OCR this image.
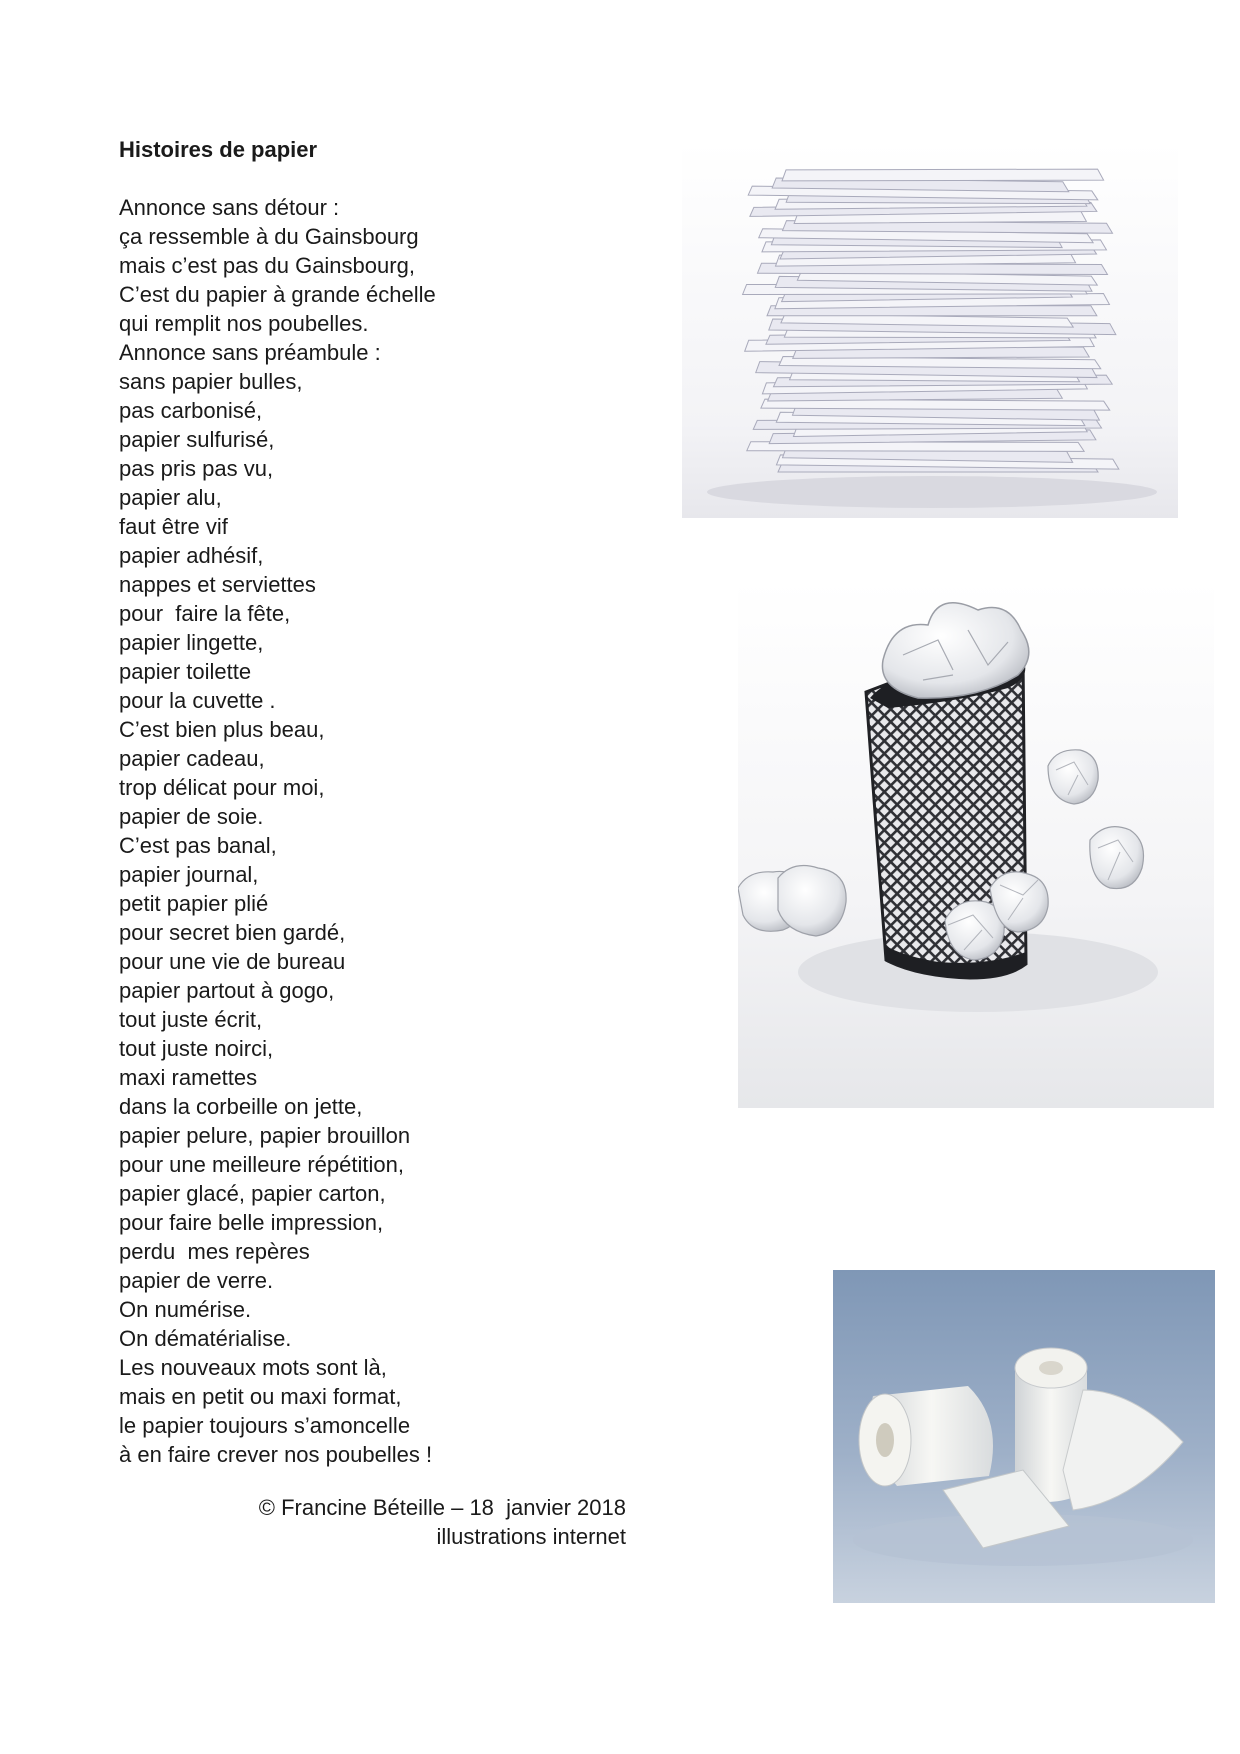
Histoires de papier
Annonce sans détour :
ça ressemble à du Gainsbourg
mais c’est pas du Gainsbourg,
C’est du papier à grande échelle
qui remplit nos poubelles.
Annonce sans préambule :
sans papier bulles,
pas carbonisé,
papier sulfurisé,
pas pris pas vu,
papier alu,
faut être vif
papier adhésif,
nappes et serviettes
pour  faire la fête,
papier lingette,
papier toilette
pour la cuvette .
C’est bien plus beau,
papier cadeau,
trop délicat pour moi,
papier de soie.
C’est pas banal,
papier journal,
petit papier plié
pour secret bien gardé,
pour une vie de bureau
papier partout à gogo,
tout juste écrit,
tout juste noirci,
maxi ramettes
dans la corbeille on jette,
papier pelure, papier brouillon
pour une meilleure répétition,
papier glacé, papier carton,
pour faire belle impression,
perdu  mes repères
papier de verre.
On numérise.
On dématérialise.
Les nouveaux mots sont là,
mais en petit ou maxi format,
le papier toujours s’amoncelle
à en faire crever nos poubelles !
© Francine Béteille – 18  janvier 2018
illustrations internet
